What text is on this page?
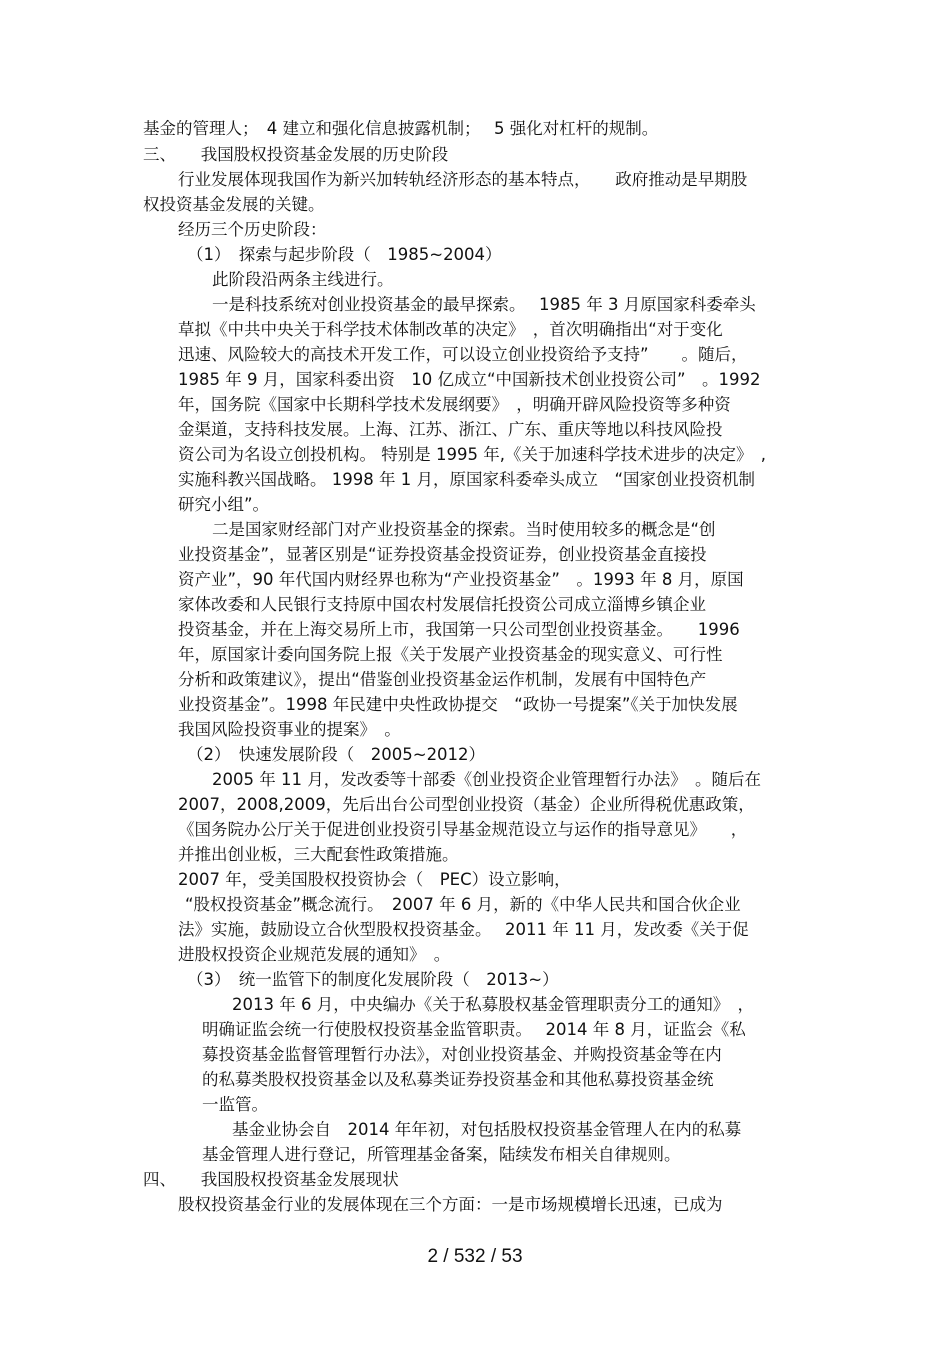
基金的管理人；　4 建立和强化信息披露机制；　 5 强化对杠杆的规制。
三、　　我国股权投资基金发展的历史阶段
行业发展体现我国作为新兴加转轨经济形态的基本特点，　　政府推动是早期股
权投资基金发展的关键。
经历三个历史阶段：
（1）　探索与起步阶段（　1985~2004）
此阶段沿两条主线进行。
一是科技系统对创业投资基金的最早探索。　 1985 年 3 月原国家科委牵头
草拟《中共中央关于科学技术体制改革的决定》　，首次明确指出“对于变化
迅速、风险较大的高技术开发工作，可以设立创业投资给予支持”　　。随后，
1985 年 9 月，国家科委出资　10 亿成立“中国新技术创业投资公司”　。1992
年，国务院《国家中长期科学技术发展纲要》　，明确开辟风险投资等多种资
金渠道，支持科技发展。上海、江苏、浙江、广东、重庆等地以科技风险投
资公司为名设立创投机构。 特别是 1995 年,《关于加速科学技术进步的决定》　,
实施科教兴国战略。 1998 年 1 月，原国家科委牵头成立　“国家创业投资机制
研究小组”。
二是国家财经部门对产业投资基金的探索。当时使用较多的概念是“创
业投资基金”，显著区别是“证券投资基金投资证券，创业投资基金直接投
资产业”，90 年代国内财经界也称为“产业投资基金”　。1993 年 8 月，原国
家体改委和人民银行支持原中国农村发展信托投资公司成立淄博乡镇企业
投资基金，并在上海交易所上市，我国第一只公司型创业投资基金。　　1996
年，原国家计委向国务院上报《关于发展产业投资基金的现实意义、可行性
分析和政策建议》，提出“借鉴创业投资基金运作机制，发展有中国特色产
业投资基金”。1998 年民建中央性政协提交　“政协一号提案”《关于加快发展
我国风险投资事业的提案》　。
（2）　快速发展阶段（　2005~2012）
2005 年 11 月，发改委等十部委《创业投资企业管理暂行办法》　。随后在
2007，2008,2009，先后出台公司型创业投资（基金）企业所得税优惠政策，
《国务院办公厅关于促进创业投资引导基金规范设立与运作的指导意见》　　，
并推出创业板，三大配套性政策措施。
2007 年，受美国股权投资协会（　PEC）设立影响，
“股权投资基金”概念流行。　2007 年 6 月，新的《中华人民共和国合伙企业
法》实施，鼓励设立合伙型股权投资基金。　 2011 年 11 月，发改委《关于促
进股权投资企业规范发展的通知》　。
（3）　统一监管下的制度化发展阶段（　2013~）
2013 年 6 月，中央编办《关于私募股权基金管理职责分工的通知》　，
明确证监会统一行使股权投资基金监管职责。　 2014 年 8 月，证监会《私
募投资基金监督管理暂行办法》，对创业投资基金、并购投资基金等在内
的私募类股权投资基金以及私募类证券投资基金和其他私募投资基金统
一监管。
基金业协会自　2014 年年初，对包括股权投资基金管理人在内的私募
基金管理人进行登记，所管理基金备案，陆续发布相关自律规则。
四、　　我国股权投资基金发展现状
股权投资基金行业的发展体现在三个方面：一是市场规模增长迅速，已成为
2 / 532 / 53
